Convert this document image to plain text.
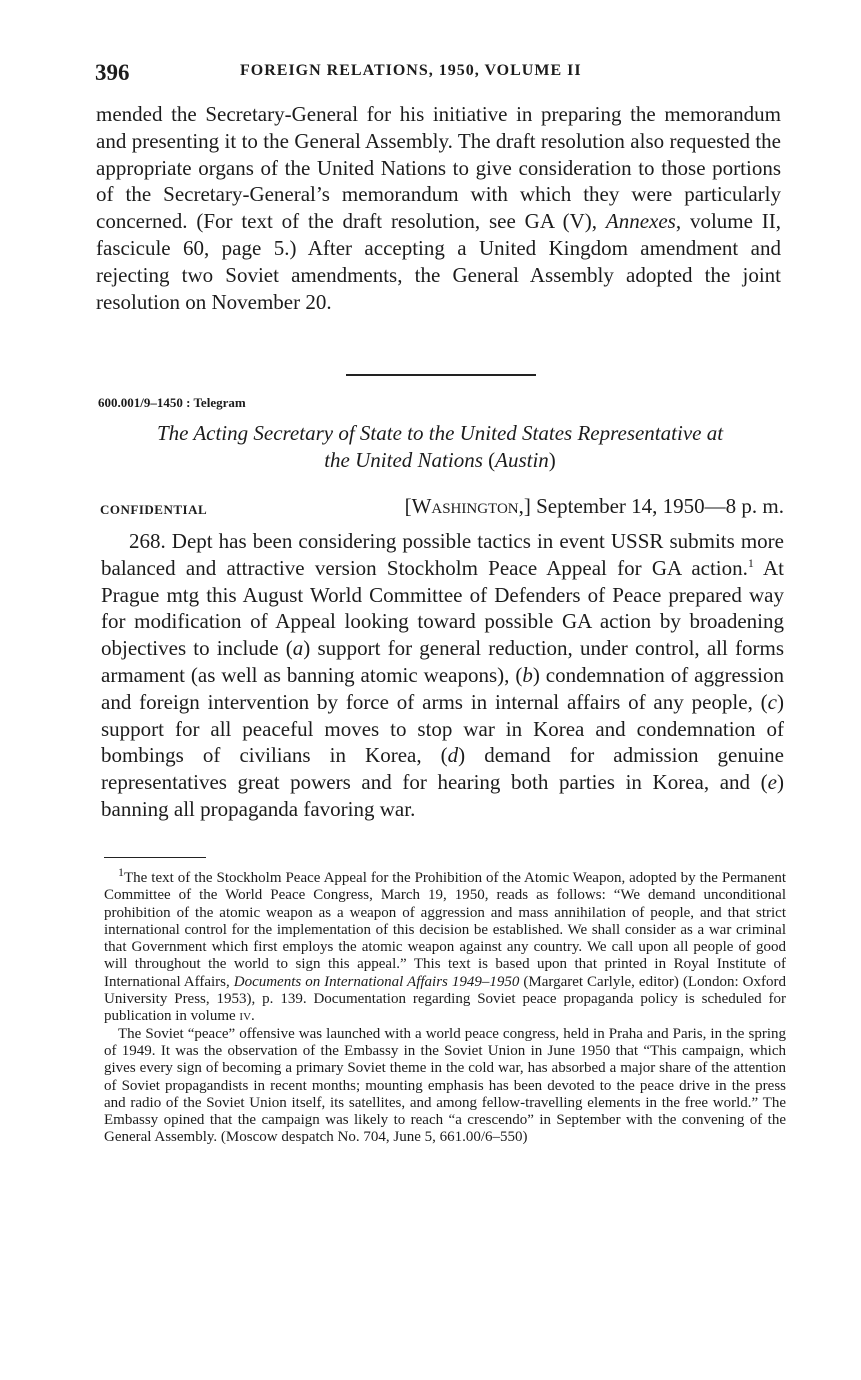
396	FOREIGN RELATIONS, 1950, VOLUME II
mended the Secretary-General for his initiative in preparing the memorandum and presenting it to the General Assembly. The draft resolution also requested the appropriate organs of the United Nations to give consideration to those portions of the Secretary-General’s memorandum with which they were particularly concerned. (For text of the draft resolution, see GA (V), Annexes, volume II, fascicule 60, page 5.) After accepting a United Kingdom amendment and rejecting two Soviet amendments, the General Assembly adopted the joint resolution on November 20.
600.001/9–1450 : Telegram
The Acting Secretary of State to the United States Representative at
the United Nations (Austin)
CONFIDENTIAL	[Washington,] September 14, 1950—8 p. m.
268. Dept has been considering possible tactics in event USSR submits more balanced and attractive version Stockholm Peace Appeal for GA action.$^1$ At Prague mtg this August World Committee of Defenders of Peace prepared way for modification of Appeal looking toward possible GA action by broadening objectives to include (a) support for general reduction, under control, all forms armament (as well as banning atomic weapons), (b) condemnation of aggression and foreign intervention by force of arms in internal affairs of any people, (c) support for all peaceful moves to stop war in Korea and condemnation of bombings of civilians in Korea, (d) demand for admission genuine representatives great powers and for hearing both parties in Korea, and (e) banning all propaganda favoring war.

$^1$The text of the Stockholm Peace Appeal for the Prohibition of the Atomic Weapon, adopted by the Permanent Committee of the World Peace Congress, March 19, 1950, reads as follows: “We demand unconditional prohibition of the atomic weapon as a weapon of aggression and mass annihilation of people, and that strict international control for the implementation of this decision be established. We shall consider as a war criminal that Government which first employs the atomic weapon against any country. We call upon all people of good will throughout the world to sign this appeal.” This text is based upon that printed in Royal Institute of International Affairs, Documents on International Affairs 1949–1950 (Margaret Carlyle, editor) (London: Oxford University Press, 1953), p. 139. Documentation regarding Soviet peace propaganda policy is scheduled for publication in volume iv.

The Soviet “peace” offensive was launched with a world peace congress, held in Praha and Paris, in the spring of 1949. It was the observation of the Embassy in the Soviet Union in June 1950 that “This campaign, which gives every sign of becoming a primary Soviet theme in the cold war, has absorbed a major share of the attention of Soviet propagandists in recent months; mounting emphasis has been devoted to the peace drive in the press and radio of the Soviet Union itself, its satellites, and among fellow-travelling elements in the free world.” The Embassy opined that the campaign was likely to reach “a crescendo” in September with the convening of the General Assembly. (Moscow despatch No. 704, June 5, 661.00/6–550)
